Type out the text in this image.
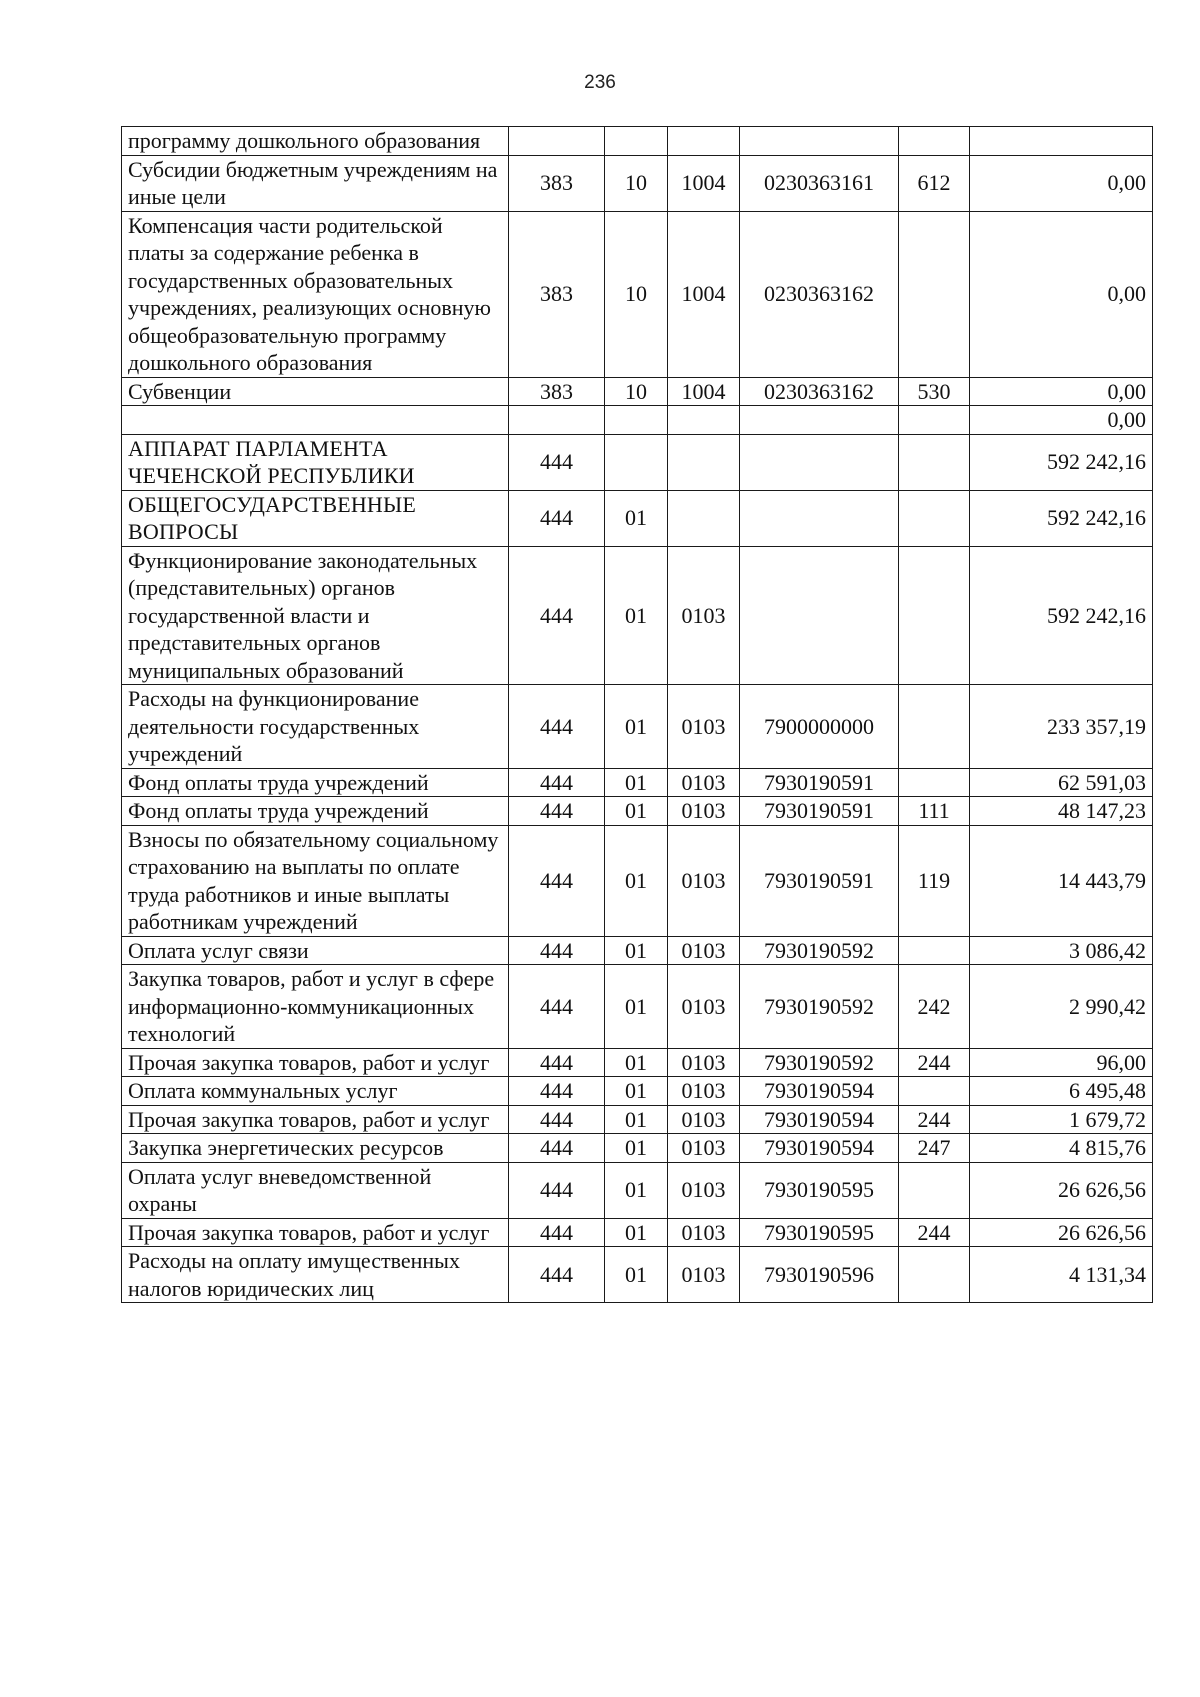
236
программу дошкольного образования						
Субсидии бюджетным учреждениям на иные цели	383	10	1004	0230363161	612	0,00
Компенсация части родительской платы за содержание ребенка в государственных образовательных учреждениях, реализующих основную общеобразовательную программу дошкольного образования	383	10	1004	0230363162		0,00
Субвенции	383	10	1004	0230363162	530	0,00
						0,00
АППАРАТ ПАРЛАМЕНТА ЧЕЧЕНСКОЙ РЕСПУБЛИКИ	444					592 242,16
ОБЩЕГОСУДАРСТВЕННЫЕ ВОПРОСЫ	444	01				592 242,16
Функционирование законодательных (представительных) органов государственной власти и представительных органов муниципальных образований	444	01	0103			592 242,16
Расходы на функционирование деятельности государственных учреждений	444	01	0103	7900000000		233 357,19
Фонд оплаты труда учреждений	444	01	0103	7930190591		62 591,03
Фонд оплаты труда учреждений	444	01	0103	7930190591	111	48 147,23
Взносы по обязательному социальному страхованию на выплаты по оплате труда работников и иные выплаты работникам учреждений	444	01	0103	7930190591	119	14 443,79
Оплата услуг связи	444	01	0103	7930190592		3 086,42
Закупка товаров, работ и услуг в сфере информационно-коммуникационных технологий	444	01	0103	7930190592	242	2 990,42
Прочая закупка товаров, работ и услуг	444	01	0103	7930190592	244	96,00
Оплата коммунальных услуг	444	01	0103	7930190594		6 495,48
Прочая закупка товаров, работ и услуг	444	01	0103	7930190594	244	1 679,72
Закупка энергетических ресурсов	444	01	0103	7930190594	247	4 815,76
Оплата услуг вневедомственной охраны	444	01	0103	7930190595		26 626,56
Прочая закупка товаров, работ и услуг	444	01	0103	7930190595	244	26 626,56
Расходы на оплату имущественных налогов юридических лиц	444	01	0103	7930190596		4 131,34
